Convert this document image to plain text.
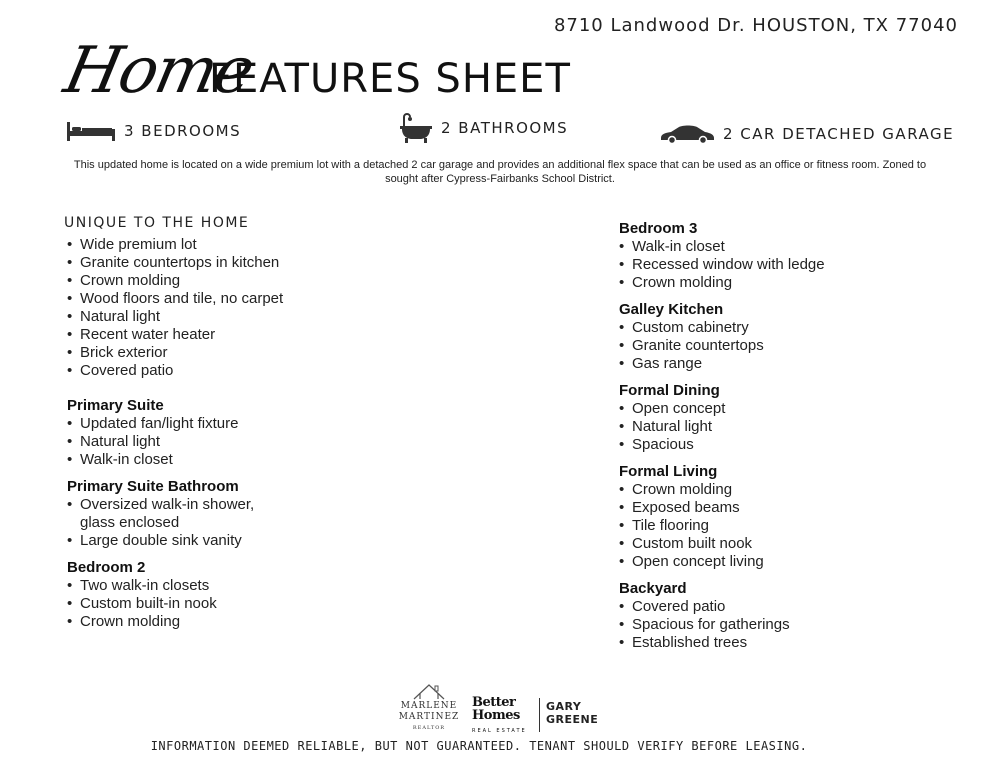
8710 Landwood Dr. HOUSTON, TX 77040
Home
FEATURES SHEET
3 BEDROOMS	2 BATHROOMS	2 CAR DETACHED GARAGE
This updated home is located on a wide premium lot with a detached 2 car garage and provides an additional flex space that can be used as an office or fitness room. Zoned to sought after Cypress-Fairbanks School District.
UNIQUE TO THE HOME
• Wide premium lot
• Granite countertops in kitchen
• Crown molding
• Wood floors and tile, no carpet
• Natural light
• Recent water heater
• Brick exterior
• Covered patio
Primary Suite
• Updated fan/light fixture
• Natural light
• Walk-in closet
Primary Suite Bathroom
• Oversized walk-in shower, glass enclosed
• Large double sink vanity
Bedroom 2
• Two walk-in closets
• Custom built-in nook
• Crown molding
Bedroom 3
• Walk-in closet
• Recessed window with ledge
• Crown molding
Galley Kitchen
• Custom cabinetry
• Granite countertops
• Gas range
Formal Dining
• Open concept
• Natural light
• Spacious
Formal Living
• Crown molding
• Exposed beams
• Tile flooring
• Custom built nook
• Open concept living
Backyard
• Covered patio
• Spacious for gatherings
• Established trees
MARLENE
MARTINEZ
REALTOR
Better
Homes
REAL ESTATE
GARY
GREENE
INFORMATION DEEMED RELIABLE, BUT NOT GUARANTEED. TENANT SHOULD VERIFY BEFORE LEASING.
